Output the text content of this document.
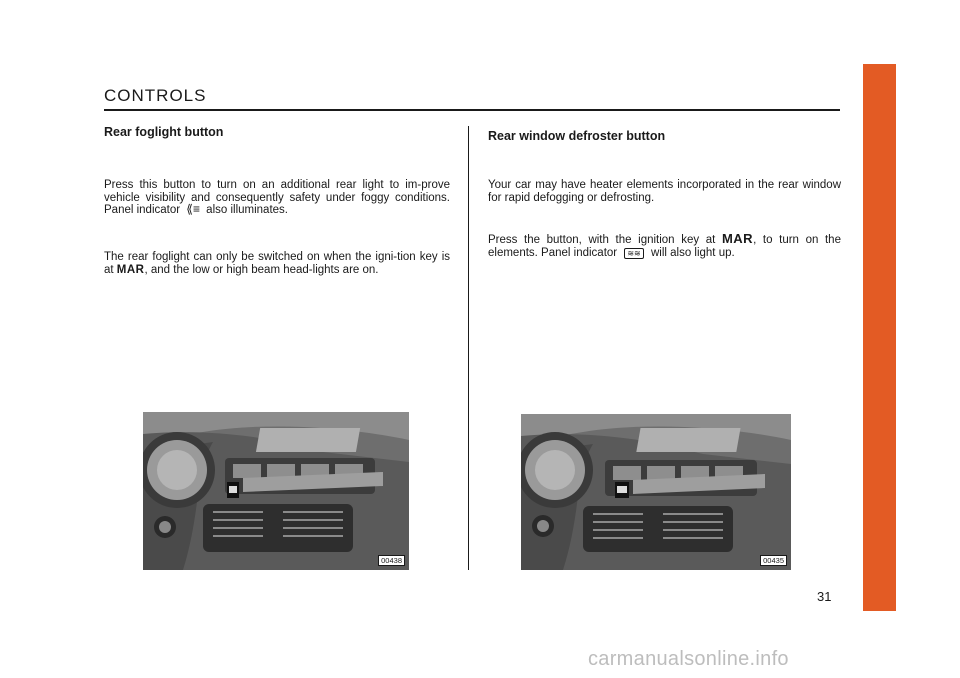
CONTROLS
Rear foglight button
Press this button to turn on an additional rear light to im-prove vehicle visibility and consequently safety under foggy conditions. Panel indicator ⟪≡ also illuminates.
The rear foglight can only be switched on when the igni-tion key is at MAR, and the low or high beam head-lights are on.
00438
Rear window defroster button
Your car may have heater elements incorporated in the rear window for rapid defogging or defrosting.
Press the button, with the ignition key at MAR, to turn on the elements. Panel indicator ≋≋ will also light up.
00435
31
carmanualsonline.info
